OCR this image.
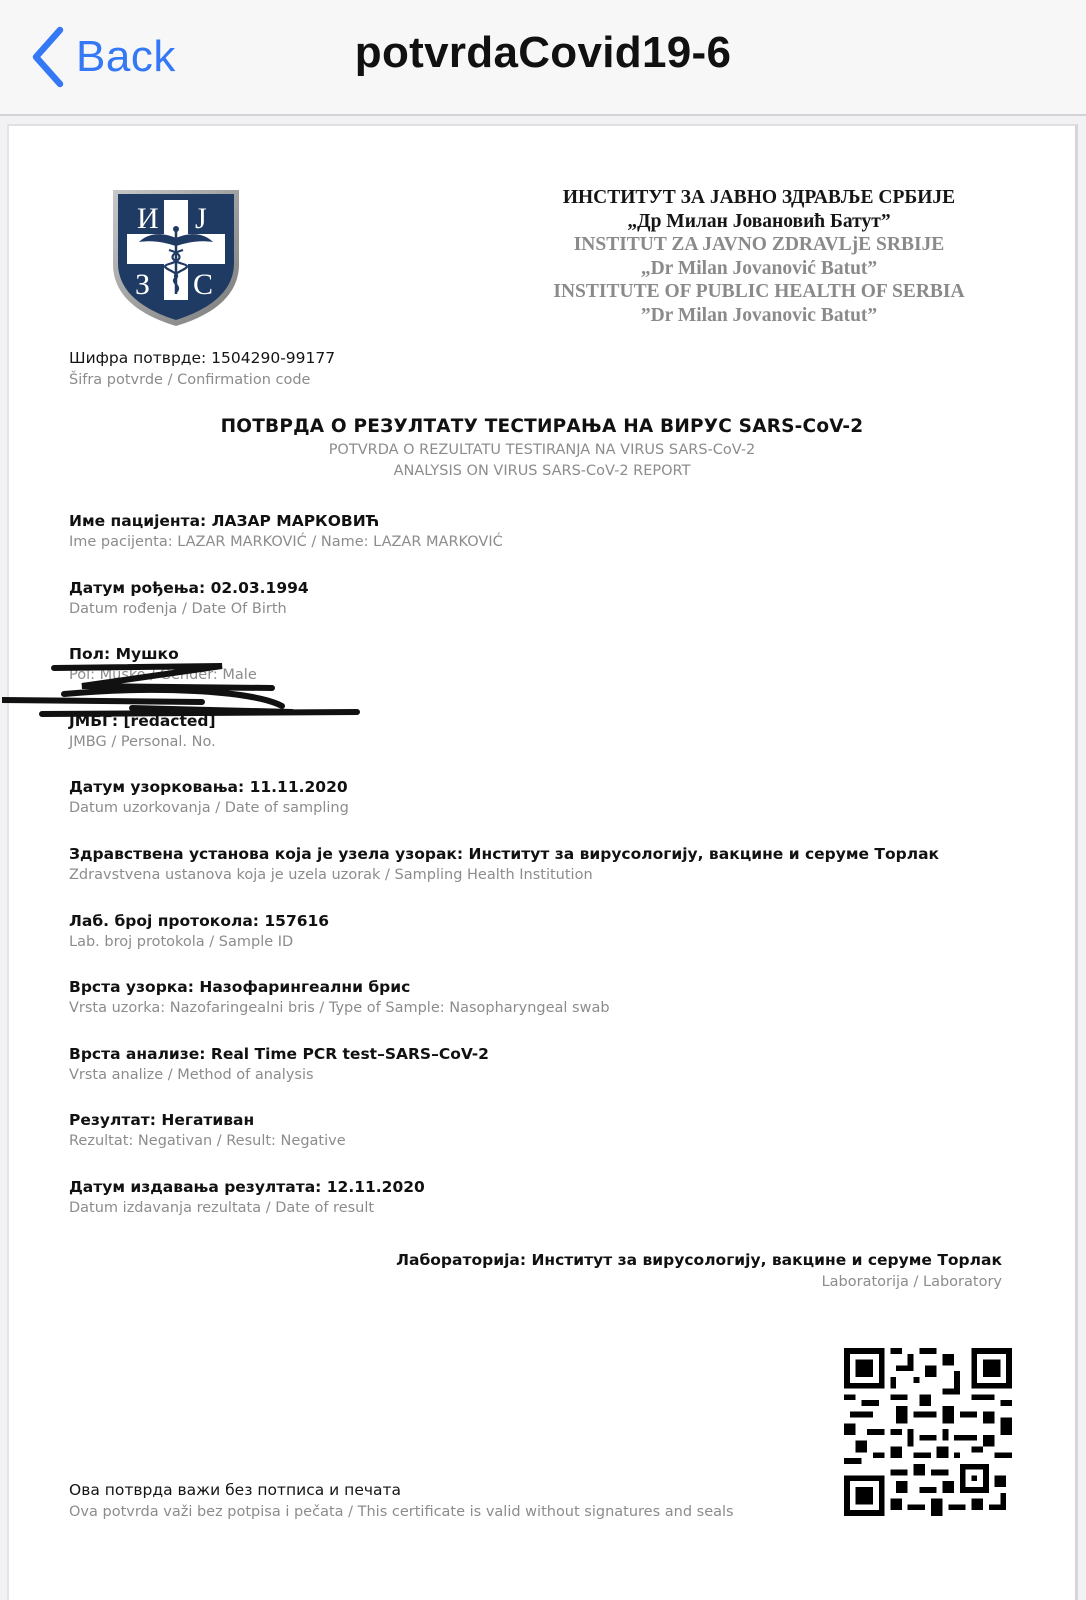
Back	potvrdaCovid19-6
И Ј
З С
ИНСТИТУТ ЗА ЈАВНО ЗДРАВЉЕ СРБИЈЕ
„Др Милан Јовановић Батут”
INSTITUT ZA JAVNO ZDRAVLjE SRBIJE
„Dr Milan Jovanović Batut”
INSTITUTE OF PUBLIC HEALTH OF SERBIA
”Dr Milan Jovanovic Batut”
Шифра потврде: 1504290-99177
Šifra potvrde / Confirmation code
ПОТВРДА О РЕЗУЛТАТУ ТЕСТИРАЊА НА ВИРУС SARS-CoV-2
POTVRDA O REZULTATU TESTIRANJA NA VIRUS SARS-CoV-2
ANALYSIS ON VIRUS SARS-CoV-2 REPORT
Име пацијента: ЛАЗАР МАРКОВИЋ
Ime pacijenta: LAZAR MARKOVIĆ / Name: LAZAR MARKOVIĆ
Датум рођења: 02.03.1994
Datum rođenja / Date Of Birth
Пол: Мушко
Pol: Muško / Gender: Male
ЈМБГ: [redacted]
JMBG / Personal. No.
Датум узорковања: 11.11.2020
Datum uzorkovanja / Date of sampling
Здравствена установа која је узела узорак: Институт за вирусологију, вакцине и серуме Торлак
Zdravstvena ustanova koja je uzela uzorak / Sampling Health Institution
Лаб. број протокола: 157616
Lab. broj protokola / Sample ID
Врста узорка: Назофарингеални брис
Vrsta uzorka: Nazofaringealni bris / Type of Sample: Nasopharyngeal swab
Врста анализе: Real Time PCR test–SARS–CoV-2
Vrsta analize / Method of analysis
Резултат: Негативан
Rezultat: Negativan / Result: Negative
Датум издавања резултата: 12.11.2020
Datum izdavanja rezultata / Date of result
Лабораторија: Институт за вирусологију, вакцине и серуме Торлак
Laboratorija / Laboratory
Ова потврда важи без потписа и печата
Ova potvrda važi bez potpisa i pečata / This certificate is valid without signatures and seals
